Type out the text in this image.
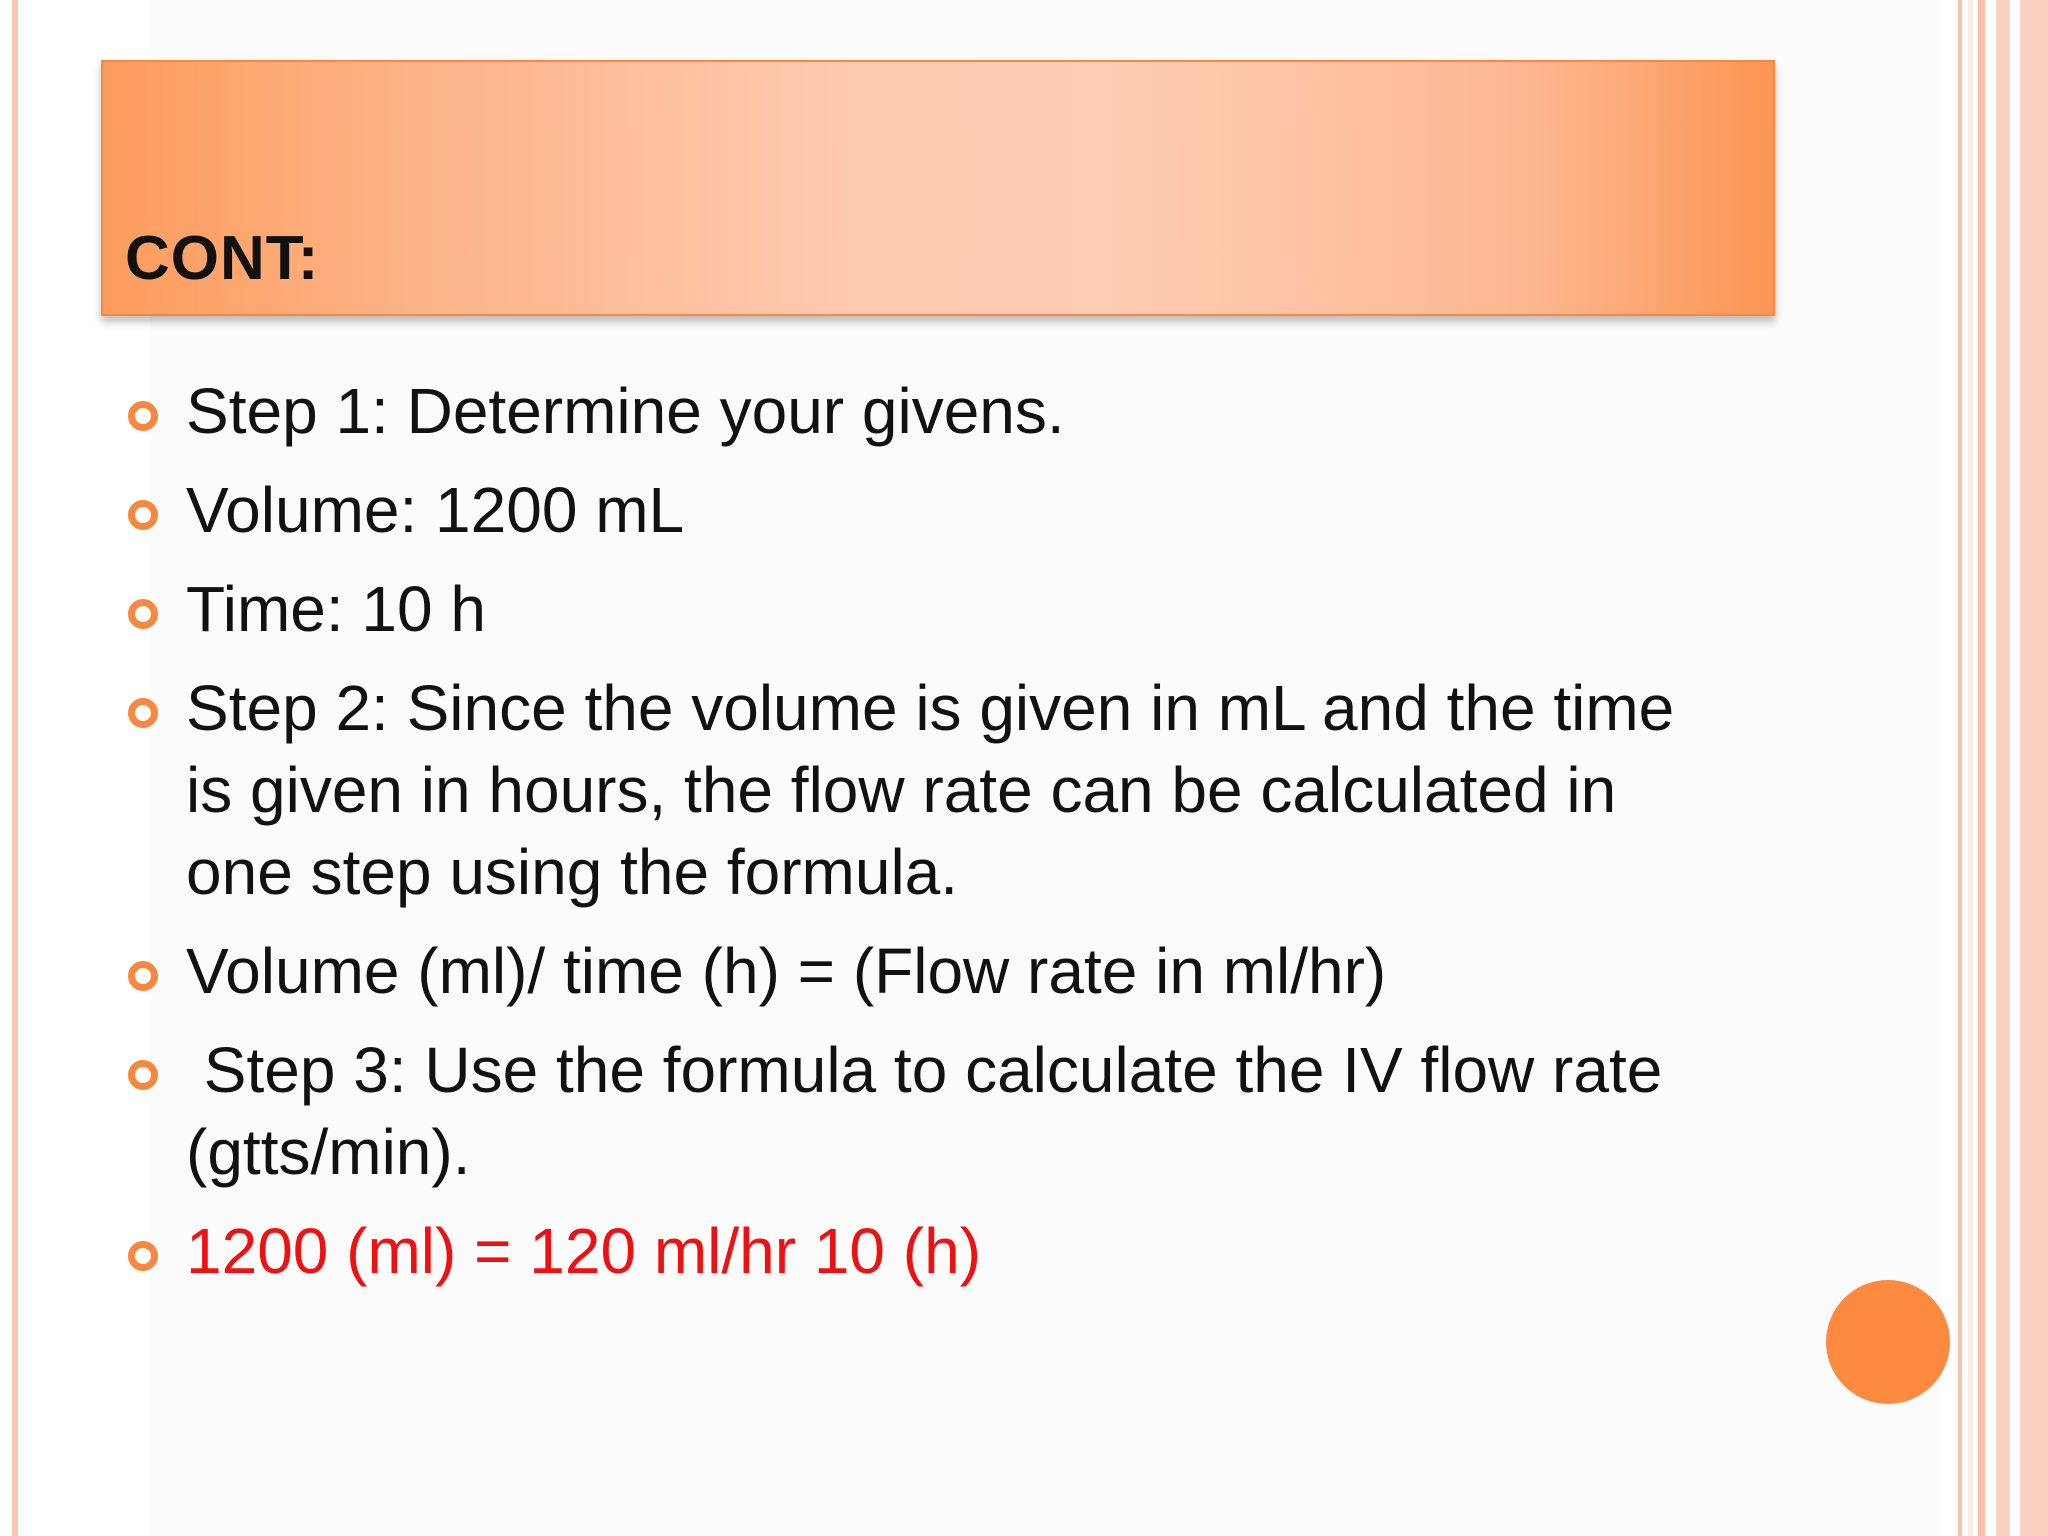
CONT:
Step 1: Determine your givens.
Volume: 1200 mL
Time: 10 h
Step 2: Since the volume is given in mL and the time is given in hours, the flow rate can be calculated in one step using the formula.
Volume (ml)/ time (h) = (Flow rate in ml/hr)
Step 3: Use the formula to calculate the IV flow rate (gtts/min).
1200 (ml) = 120 ml/hr 10 (h)
